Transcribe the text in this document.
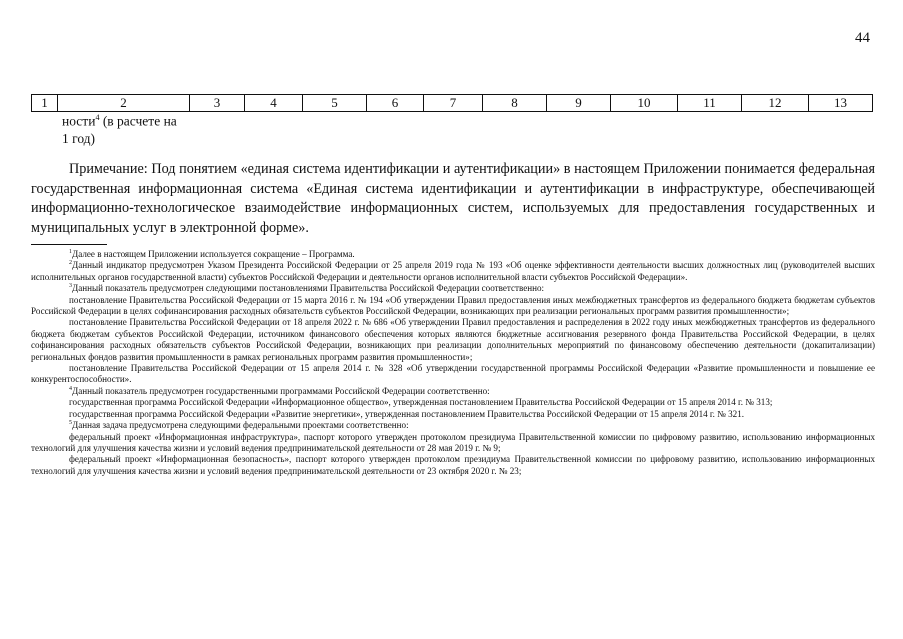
44
1	2	3	4	5	6	7	8	9	10	11	12	13
ности$^4$ (в расчете на
1 год)

Примечание: Под понятием «единая система идентификации и аутентификации» в настоящем Приложении понимается федеральная государственная информационная система «Единая система идентификации и аутентификации в инфраструктуре, обеспечивающей информационно-технологическое взаимодействие информационных систем, используемых для предоставления государственных и муниципальных услуг в электронной форме».

$^1$Далее в настоящем Приложении используется сокращение – Программа.

$^2$Данный индикатор предусмотрен Указом Президента Российской Федерации от 25 апреля 2019 года № 193 «Об оценке эффективности деятельности высших должностных лиц (руководителей высших исполнительных органов государственной власти) субъектов Российской Федерации и деятельности органов исполнительной власти субъектов Российской Федерации».

$^3$Данный показатель предусмотрен следующими постановлениями Правительства Российской Федерации соответственно:

постановление Правительства Российской Федерации от 15 марта 2016 г. № 194 «Об утверждении Правил предоставления иных межбюджетных трансфертов из федерального бюджета бюджетам субъектов Российской Федерации в целях софинансирования расходных обязательств субъектов Российской Федерации, возникающих при реализации региональных программ развития промышленности»;

постановление Правительства Российской Федерации от 18 апреля 2022 г. № 686 «Об утверждении Правил предоставления и распределения в 2022 году иных межбюджетных трансфертов из федерального бюджета бюджетам субъектов Российской Федерации, источником финансового обеспечения которых являются бюджетные ассигнования резервного фонда Правительства Российской Федерации, в целях софинансирования расходных обязательств субъектов Российской Федерации, возникающих при реализации дополнительных мероприятий по финансовому обеспечению деятельности (докапитализации) региональных фондов развития промышленности в рамках региональных программ развития промышленности»;

постановление Правительства Российской Федерации от 15 апреля 2014 г. № 328 «Об утверждении государственной программы Российской Федерации «Развитие промышленности и повышение ее конкурентоспособности».

$^4$Данный показатель предусмотрен государственными программами Российской Федерации соответственно:

государственная программа Российской Федерации «Информационное общество», утвержденная постановлением Правительства Российской Федерации от 15 апреля 2014 г. № 313;

государственная программа Российской Федерации «Развитие энергетики», утвержденная постановлением Правительства Российской Федерации от 15 апреля 2014 г. № 321.

$^5$Данная задача предусмотрена следующими федеральными проектами соответственно:

федеральный проект «Информационная инфраструктура», паспорт которого утвержден протоколом президиума Правительственной комиссии по цифровому развитию, использованию информационных технологий для улучшения качества жизни и условий ведения предпринимательской деятельности от 28 мая 2019 г. № 9;

федеральный проект «Информационная безопасность», паспорт которого утвержден протоколом президиума Правительственной комиссии по цифровому развитию, использованию информационных технологий для улучшения качества жизни и условий ведения предпринимательской деятельности от 23 октября 2020 г. № 23;
